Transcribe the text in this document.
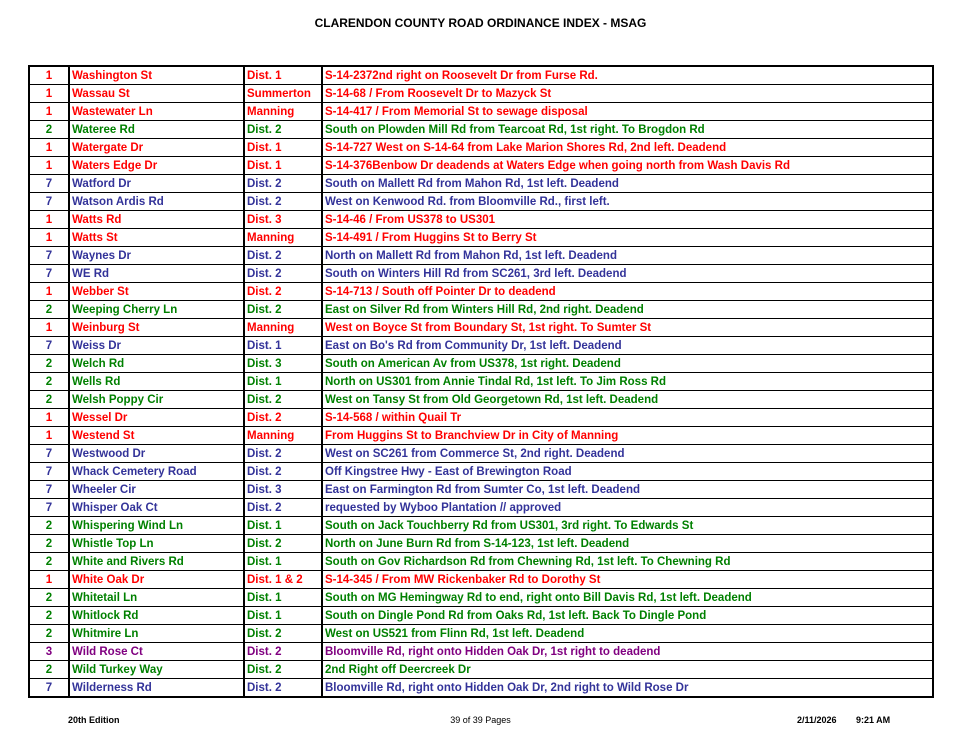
CLARENDON COUNTY ROAD ORDINANCE INDEX - MSAG
1	Washington St	Dist. 1	S-14-2372nd right on Roosevelt Dr from Furse Rd.
1	Wassau St	Summerton	S-14-68 / From Roosevelt Dr to Mazyck St
1	Wastewater Ln	Manning	S-14-417 / From Memorial St to sewage disposal
2	Wateree Rd	Dist. 2	South on Plowden Mill Rd from Tearcoat Rd, 1st right. To Brogdon Rd
1	Watergate Dr	Dist. 1	S-14-727 West on S-14-64 from Lake Marion Shores Rd, 2nd left. Deadend
1	Waters Edge Dr	Dist. 1	S-14-376Benbow Dr deadends at Waters Edge when going north from Wash Davis Rd
7	Watford Dr	Dist. 2	South on Mallett Rd from Mahon Rd, 1st left. Deadend
7	Watson Ardis Rd	Dist. 2	West on Kenwood Rd. from Bloomville Rd., first left.
1	Watts Rd	Dist. 3	S-14-46 / From US378 to US301
1	Watts St	Manning	S-14-491 / From Huggins St to Berry St
7	Waynes Dr	Dist. 2	North on Mallett Rd from Mahon Rd, 1st left. Deadend
7	WE Rd	Dist. 2	South on Winters Hill Rd from SC261, 3rd left. Deadend
1	Webber St	Dist. 2	S-14-713 / South off Pointer Dr to deadend
2	Weeping Cherry Ln	Dist. 2	East on Silver Rd from Winters Hill Rd, 2nd right. Deadend
1	Weinburg St	Manning	West on Boyce St from Boundary St, 1st right. To Sumter St
7	Weiss Dr	Dist. 1	East on Bo's Rd from Community Dr, 1st left. Deadend
2	Welch Rd	Dist. 3	South on American Av from US378, 1st right. Deadend
2	Wells Rd	Dist. 1	North on US301 from Annie Tindal Rd, 1st left. To Jim Ross Rd
2	Welsh Poppy Cir	Dist. 2	West on Tansy St from Old Georgetown Rd, 1st left. Deadend
1	Wessel Dr	Dist. 2	S-14-568 / within Quail Tr
1	Westend St	Manning	From Huggins St to Branchview Dr in City of Manning
7	Westwood Dr	Dist. 2	West on SC261 from Commerce St, 2nd right. Deadend
7	Whack Cemetery Road	Dist. 2	Off Kingstree Hwy - East of Brewington Road
7	Wheeler Cir	Dist. 3	East on Farmington Rd from Sumter Co, 1st left. Deadend
7	Whisper Oak Ct	Dist. 2	requested by Wyboo Plantation // approved
2	Whispering Wind Ln	Dist. 1	South on Jack Touchberry Rd from US301, 3rd right. To Edwards St
2	Whistle Top Ln	Dist. 2	North on June Burn Rd from S-14-123, 1st left. Deadend
2	White and Rivers Rd	Dist. 1	South on Gov Richardson Rd from Chewning Rd, 1st left. To Chewning Rd
1	White Oak Dr	Dist. 1 & 2	S-14-345 / From MW Rickenbaker Rd to Dorothy St
2	Whitetail Ln	Dist. 1	South on MG Hemingway Rd to end, right onto Bill Davis Rd, 1st left. Deadend
2	Whitlock Rd	Dist. 1	South on Dingle Pond Rd from Oaks Rd, 1st left. Back To Dingle Pond
2	Whitmire Ln	Dist. 2	West on US521 from Flinn Rd, 1st left. Deadend
3	Wild Rose Ct	Dist. 2	Bloomville Rd, right onto Hidden Oak Dr, 1st right to deadend
2	Wild Turkey Way	Dist. 2	2nd Right off Deercreek Dr
7	Wilderness Rd	Dist. 2	Bloomville Rd, right onto Hidden Oak Dr, 2nd right to Wild Rose Dr
20th Edition	39 of 39 Pages	2/11/2026 9:21 AM
